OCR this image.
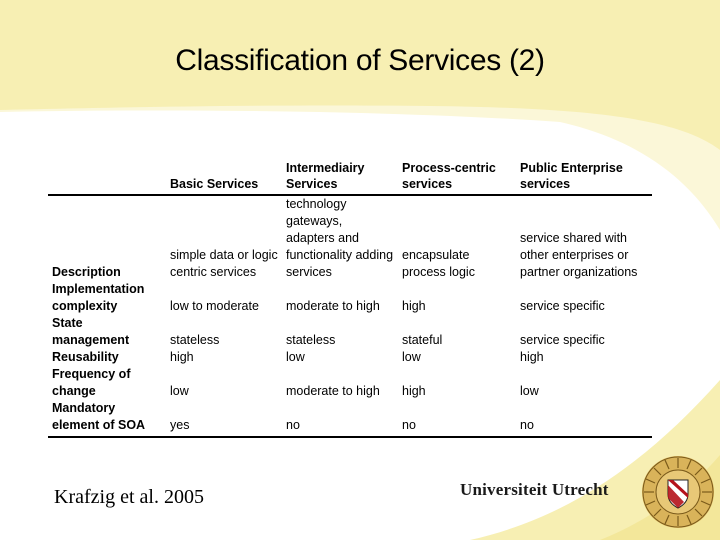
Classification of Services (2)
	Basic Services	Intermediairy Services	Process-centric services	Public Enterprise services
Description	simple data or logic centric services	technology gateways, adapters and functionality adding services	encapsulate process logic	service shared with other enterprises or partner organizations
Implementation complexity	low to moderate	moderate to high	high	service specific
State management	stateless	stateless	stateful	service specific
Reusability	high	low	low	high
Frequency of change	low	moderate to high	high	low
Mandatory element of SOA	yes	no	no	no
Krafzig et al. 2005	Universiteit Utrecht
